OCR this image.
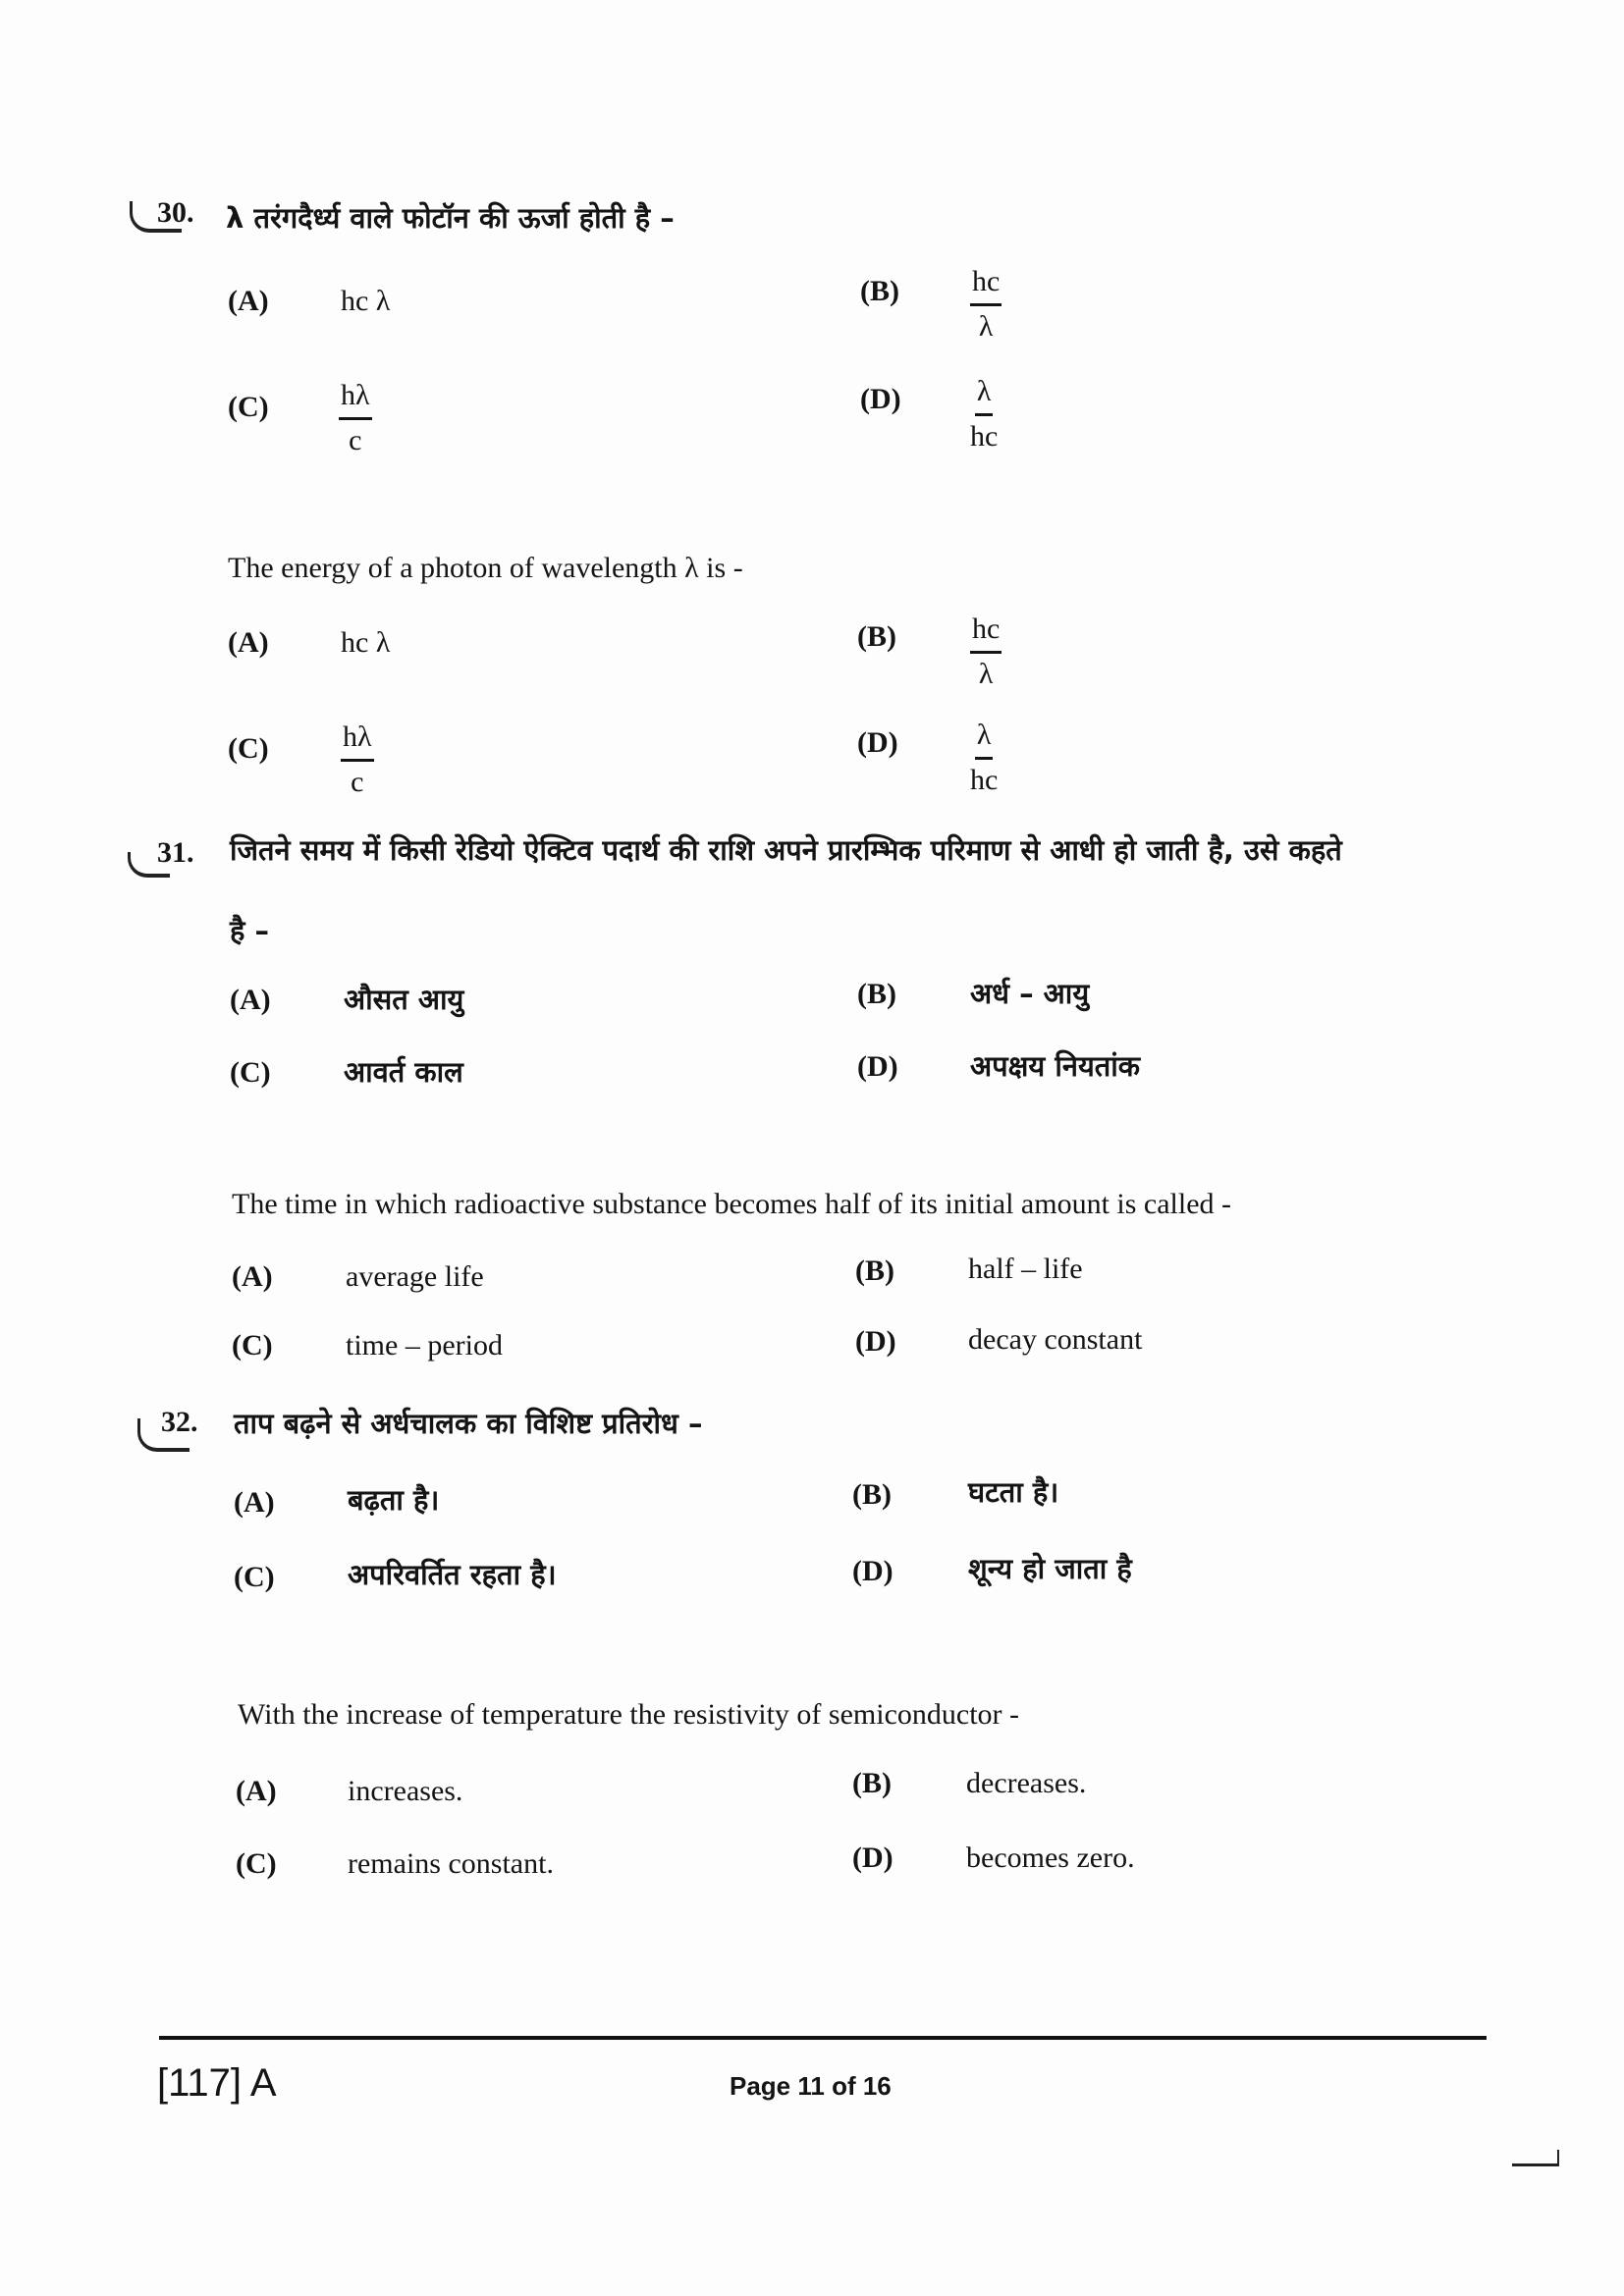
30. λ तरंगदैर्ध्य वाले फोटॉन की ऊर्जा होती है –
(A) hc λ	$(B) \frac{hc}{\lambda}$
$(C) \frac{h\lambda}{c}$	$(D) \frac{\lambda}{hc}$
The energy of a photon of wavelength λ is -
(A) hc λ	(B)	$\frac{hc}{\lambda}$
$(C) \frac{h\lambda}{c}$	$(D) \frac{\lambda}{hc}$
31. जितने समय में किसी रेडियो ऐक्टिव पदार्थ की राशि अपने प्रारम्भिक परिमाण से आधी हो जाती है, उसे कहते
है –
(A)	औसत आयु	(B)	अर्ध – आयु
(C)	आवर्त काल	(D)	अपक्षय नियतांक
The time in which radioactive substance becomes half of its initial amount is called -
(A) average life	(B)	half – life
(C) time – period	(D) decay constant
32. ताप बढ़ने से अर्धचालक का विशिष्ट प्रतिरोध –
(A)	बढ़ता है।	(B)	घटता है।
(C)	अपरिवर्तित रहता है।	(D)	शून्य हो जाता है
With the increase of temperature the resistivity of semiconductor -
(A) increases.	(B)	decreases.
(C) remains constant.	(D) becomes zero.
[117] A	Page 11 of 16
